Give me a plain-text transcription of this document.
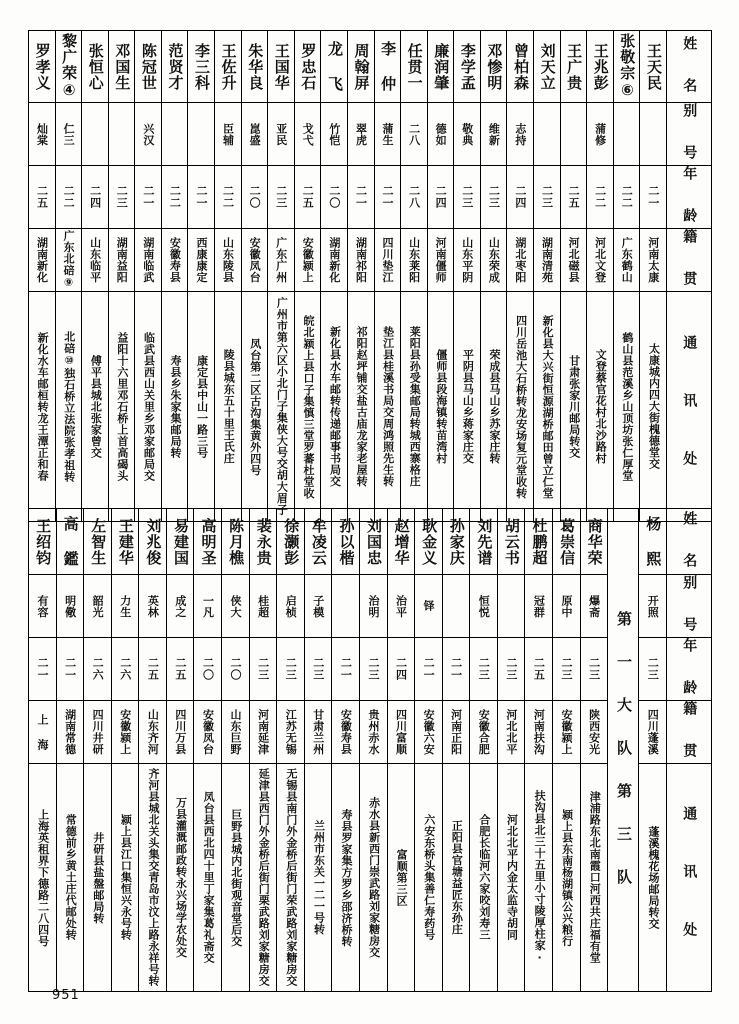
罗孝义	黎广荣④	张恒心	邓国生	陈冠世	范贤才	李三科	王佐升	朱华良	王国华	罗忠石	龙 飞	周翰屏	李 仲	任贯一	廉润肇	李学孟	邓惨明	曾柏森	刘天立	王广贵	王兆彭	张敬宗⑥	王天民	姓 名

灿棠	仁三			兴汉			臣辅	崑盛	亚民	戈弋	竹恺	翠虎	蒲生	二八	德如	敬典	维新	志持			蒲修			别 号

二五	二二	二四	二三	二一	二二	二一	二二	二〇	二三	二五	二〇	二一	二一	二八	二四	二三	二三	二四	二三	二五	二二	二二	二一	年 龄

湖南新化	广东北碚⑨	山东临平	湖南益阳	湖南临武	安徽寿县	西康康定	山东陵县	安徽凤台	广东广州	安徽颍上	湖南新化	湖南祁阳	四川垫江	山东莱阳	河南僵师	山东平阴	山东荣成	湖北枣阳	湖南清苑	河北磁县	河北文登	广东鹤山	河南太康	籍 贯

新化水车邮桓转龙王潭正和春	北碚⑩独石桥立法院张孝祖转	傅平县城北张家曾交	益阳十六里邓石桥上首高碣头	临武县西山关里乡邓家邮局交	寿县乡朱家集邮局转	康定县中山一路三号	陵县城东五十里王氏庄	凤台第二区古沟集黄外四号	广州市第六区小北门子集侠大号交胡大眉子	皖北颍上县口子集慎三堂罗蕃杜堂收	新化县水车邮转传递邮事书局交	祁阳赵坪铺交盐古庙龙家老屋转	垫江县桂溪书局交周鸿照先生转	莱阳县孙受集邮局转城西寨格庄	僵师县段海镇转苗湾村	平阴县马山乡蒋家庄交	荣成县马山乡苏家庄转	四川岳池大石桥转龙安场复元堂收转	新化县大兴街恒源湖桥邮田曾立仁堂	甘肃张家川邮局转交	文登蔡官花村北沙路村	鹤山县范溪乡山顶坊张仁厚堂	太康城内四大街槐德堂交	通 讯 处
王绍钧	高 鑑	左智生	王建华	刘兆俊	易建国	高明圣	陈月樵	裴永贵	徐灏彭	牟凌云	孙以楷	刘国忠	赵增华	耿金义	孙家庆	刘先谱	胡云书	杜鹏超	葛崇信	商华荣	第 一 大 队 第 三 队	杨 熙	姓 名

有容	明儆	韶光	力生	英林	成之	一凡	侠大	桂超	启桢	子模		治明	治平	铎		恒悦		冠群	原中	爆斋		开照	别 号

二一	二一	二六	二六	二五	二五	二〇	二〇	二三	二三	二三	二一	二三	二四	二一	二一	二三	二三	二五	二三	二三		二三	年 龄

上 海	湖南常德	四川井研	安徽颍上	山东齐河	四川万县	安徽凤台	山东巨野	河南延津	江苏无锡	甘肃兰州	安徽寿县	贵州赤水	四川富顺	安徽六安	河南正阳	安徽合肥	河北北平	河南扶沟	安徽颍上	陕西安光		四川蓬溪	籍 贯

上海英租界下德路二八四号	常德前乡黄土庄代邮处转	井研县盐盤邮局转	颍上县江口集恒兴永号转	齐河县城北关头集交青岛市汶上路永祥号转	万县灌溉邮政转永兴场学农处交	凤台县西北四十里丁家集葛礼斋交	巨野县城内北街观音堂后交	延津县西门外金桥后街门栗武路刘家糖房交	无锡县南门外金桥后街门荣武路刘家糖房交	兰州市东关一二一号转	寿县罗家集方罗乡邵济桥转	赤水县新西门崇武路刘家糖房交	富顺第三区	六安东桥头集善仁寿药号	正阳县官塘益匠东孙庄	合肥长临河六家咬刘寿三	河北北平内金太监寺胡同	扶沟县北三十五里小寸陵厚柱家·	颍上县东南杨湖镇公兴粮行	津浦路东北南霞口河西共庄福有堂		蓬溪槐花场邮局转交	通 讯 处
951
